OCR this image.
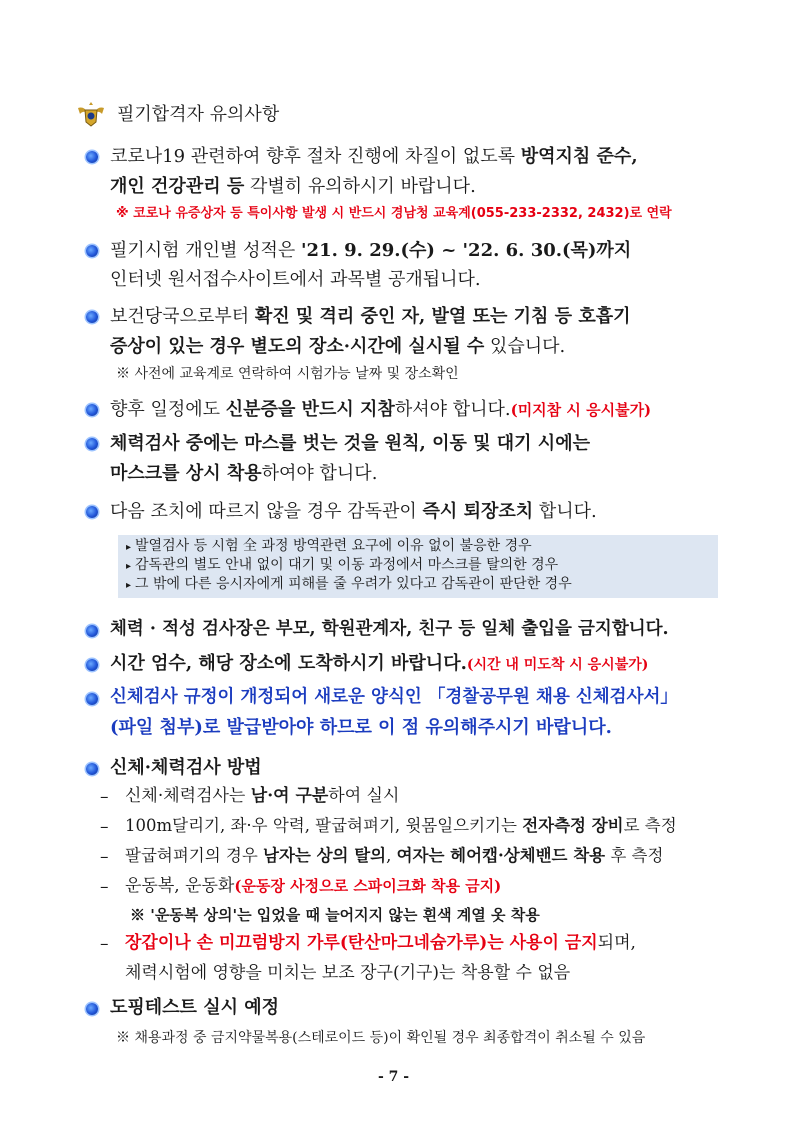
필기합격자 유의사항
코로나19 관련하여 향후 절차 진행에 차질이 없도록 방역지침 준수,
개인 건강관리 등 각별히 유의하시기 바랍니다.
※ 코로나 유증상자 등 특이사항 발생 시 반드시 경남청 교육계(055-233-2332, 2432)로 연락
필기시험 개인별 성적은 '21. 9. 29.(수) ~ '22. 6. 30.(목)까지
인터넷 원서접수사이트에서 과목별 공개됩니다.
보건당국으로부터 확진 및 격리 중인 자, 발열 또는 기침 등 호흡기
증상이 있는 경우 별도의 장소·시간에 실시될 수 있습니다.
※ 사전에 교육계로 연락하여 시험가능 날짜 및 장소확인
향후 일정에도 신분증을 반드시 지참하셔야 합니다.(미지참 시 응시불가)
체력검사 중에는 마스를 벗는 것을 원칙, 이동 및 대기 시에는
마스크를 상시 착용하여야 합니다.
다음 조치에 따르지 않을 경우 감독관이 즉시 퇴장조치 합니다.
▸ 발열검사 등 시험 全 과정 방역관련 요구에 이유 없이 불응한 경우
▸ 감독관의 별도 안내 없이 대기 및 이동 과정에서 마스크를 탈의한 경우
▸ 그 밖에 다른 응시자에게 피해를 줄 우려가 있다고 감독관이 판단한 경우
체력 · 적성 검사장은 부모, 학원관계자, 친구 등 일체 출입을 금지합니다.
시간 엄수, 해당 장소에 도착하시기 바랍니다.(시간 내 미도착 시 응시불가)
신체검사 규정이 개정되어 새로운 양식인 「경찰공무원 채용 신체검사서」
(파일 첨부)로 발급받아야 하므로 이 점 유의해주시기 바랍니다.
신체·체력검사 방법
– 신체·체력검사는 남·여 구분하여 실시
– 100m달리기, 좌·우 악력, 팔굽혀펴기, 윗몸일으키기는 전자측정 장비로 측정
– 팔굽혀펴기의 경우 남자는 상의 탈의, 여자는 헤어캡·상체밴드 착용 후 측정
– 운동복, 운동화(운동장 사정으로 스파이크화 착용 금지)
※ '운동복 상의'는 입었을 때 늘어지지 않는 흰색 계열 옷 착용
– 장갑이나 손 미끄럼방지 가루(탄산마그네슘가루)는 사용이 금지되며,
체력시험에 영향을 미치는 보조 장구(기구)는 착용할 수 없음
도핑테스트 실시 예정
※ 채용과정 중 금지약물복용(스테로이드 등)이 확인될 경우 최종합격이 취소될 수 있음
- 7 -
